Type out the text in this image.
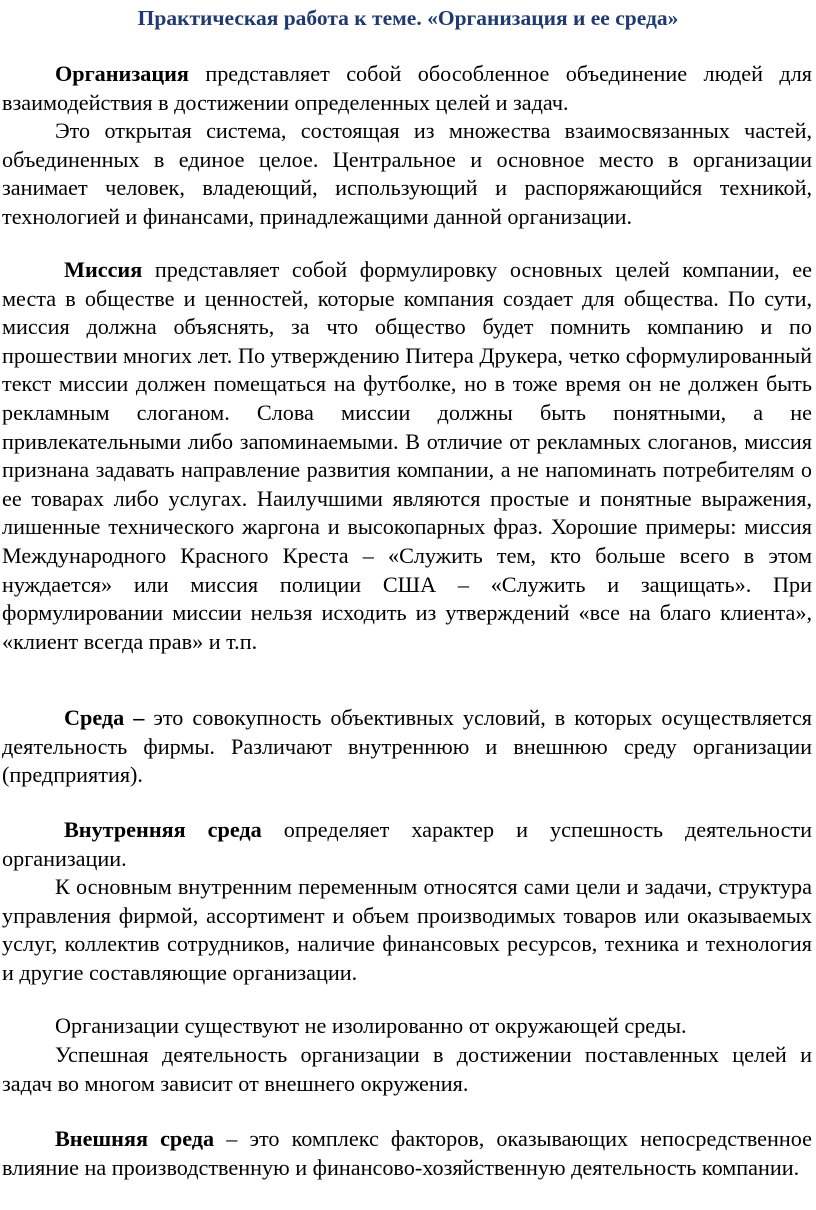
Практическая работа к теме. «Организация и ее среда»

Организация представляет собой обособленное объединение людей для взаимодействия в достижении определенных целей и задач.

Это открытая система, состоящая из множества взаимосвязанных частей, объединенных в единое целое. Центральное и основное место в организации занимает человек, владеющий, использующий и распоряжающийся техникой, технологией и финансами, принадлежащими данной организации.

Миссия представляет собой формулировку основных целей компании, ее места в обществе и ценностей, которые компания создает для общества. По сути, миссия должна объяснять, за что общество будет помнить компанию и по прошествии многих лет. По утверждению Питера Друкера, четко сформулированный текст миссии должен помещаться на футболке, но в тоже время он не должен быть рекламным слоганом. Слова миссии должны быть понятными, а не привлекательными либо запоминаемыми. В отличие от рекламных слоганов, миссия признана задавать направление развития компании, а не напоминать потребителям о ее товарах либо услугах. Наилучшими являются простые и понятные выражения, лишенные технического жаргона и высокопарных фраз. Хорошие примеры: миссия Международного Красного Креста – «Служить тем, кто больше всего в этом нуждается» или миссия полиции США – «Служить и защищать». При формулировании миссии нельзя исходить из утверждений «все на благо клиента», «клиент всегда прав» и т.п.

Среда – это совокупность объективных условий, в которых осуществляется деятельность фирмы. Различают внутреннюю и внешнюю среду организации (предприятия).

Внутренняя среда определяет характер и успешность деятельности организации.

К основным внутренним переменным относятся сами цели и задачи, структура управления фирмой, ассортимент и объем производимых товаров или оказываемых услуг, коллектив сотрудников, наличие финансовых ресурсов, техника и технология и другие составляющие организации.

Организации существуют не изолированно от окружающей среды.

Успешная деятельность организации в достижении поставленных целей и задач во многом зависит от внешнего окружения.

Внешняя среда – это комплекс факторов, оказывающих непосредственное влияние на производственную и финансово-хозяйственную деятельность компании.
